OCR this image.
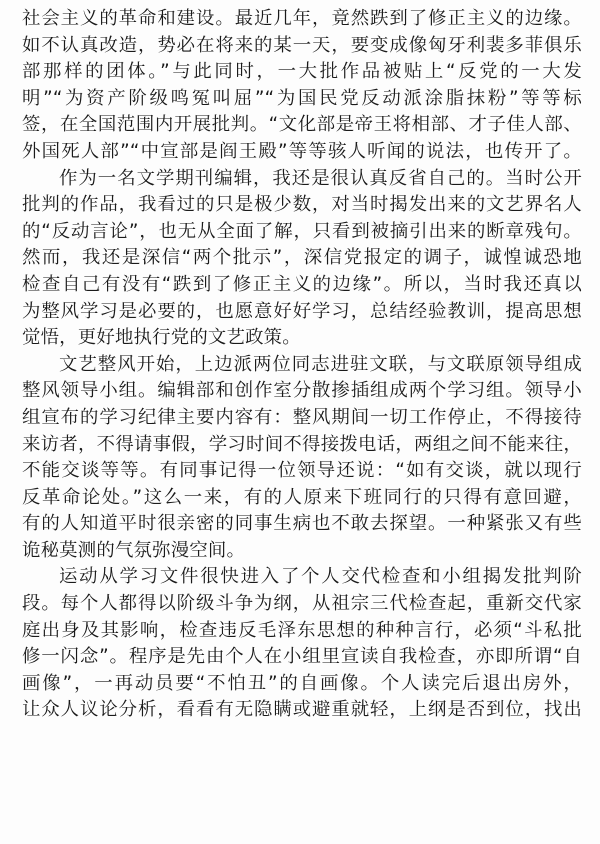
社会主义的革命和建设。最近几年，竟然跌到了修正主义的边缘。
如不认真改造，势必在将来的某一天，要变成像匈牙利裴多菲俱乐
部那样的团体。”与此同时，一大批作品被贴上“反党的一大发
明”“为资产阶级鸣冤叫屈”“为国民党反动派涂脂抹粉”等等标
签，在全国范围内开展批判。“文化部是帝王将相部、才子佳人部、
外国死人部”“中宣部是阎王殿”等等骇人听闻的说法，也传开了。
作为一名文学期刊编辑，我还是很认真反省自己的。当时公开
批判的作品，我看过的只是极少数，对当时揭发出来的文艺界名人
的“反动言论”，也无从全面了解，只看到被摘引出来的断章残句。
然而，我还是深信“两个批示”，深信党报定的调子，诚惶诚恐地
检查自己有没有“跌到了修正主义的边缘”。所以，当时我还真以
为整风学习是必要的，也愿意好好学习，总结经验教训，提高思想
觉悟，更好地执行党的文艺政策。
文艺整风开始，上边派两位同志进驻文联，与文联原领导组成
整风领导小组。编辑部和创作室分散掺插组成两个学习组。领导小
组宣布的学习纪律主要内容有：整风期间一切工作停止，不得接待
来访者，不得请事假，学习时间不得接拨电话，两组之间不能来往，
不能交谈等等。有同事记得一位领导还说：“如有交谈，就以现行
反革命论处。”这么一来，有的人原来下班同行的只得有意回避，
有的人知道平时很亲密的同事生病也不敢去探望。一种紧张又有些
诡秘莫测的气氛弥漫空间。
运动从学习文件很快进入了个人交代检查和小组揭发批判阶
段。每个人都得以阶级斗争为纲，从祖宗三代检查起，重新交代家
庭出身及其影响，检查违反毛泽东思想的种种言行，必须“斗私批
修一闪念”。程序是先由个人在小组里宣读自我检查，亦即所谓“自
画像”，一再动员要“不怕丑”的自画像。个人读完后退出房外，
让众人议论分析，看看有无隐瞒或避重就轻，上纲是否到位，找出
